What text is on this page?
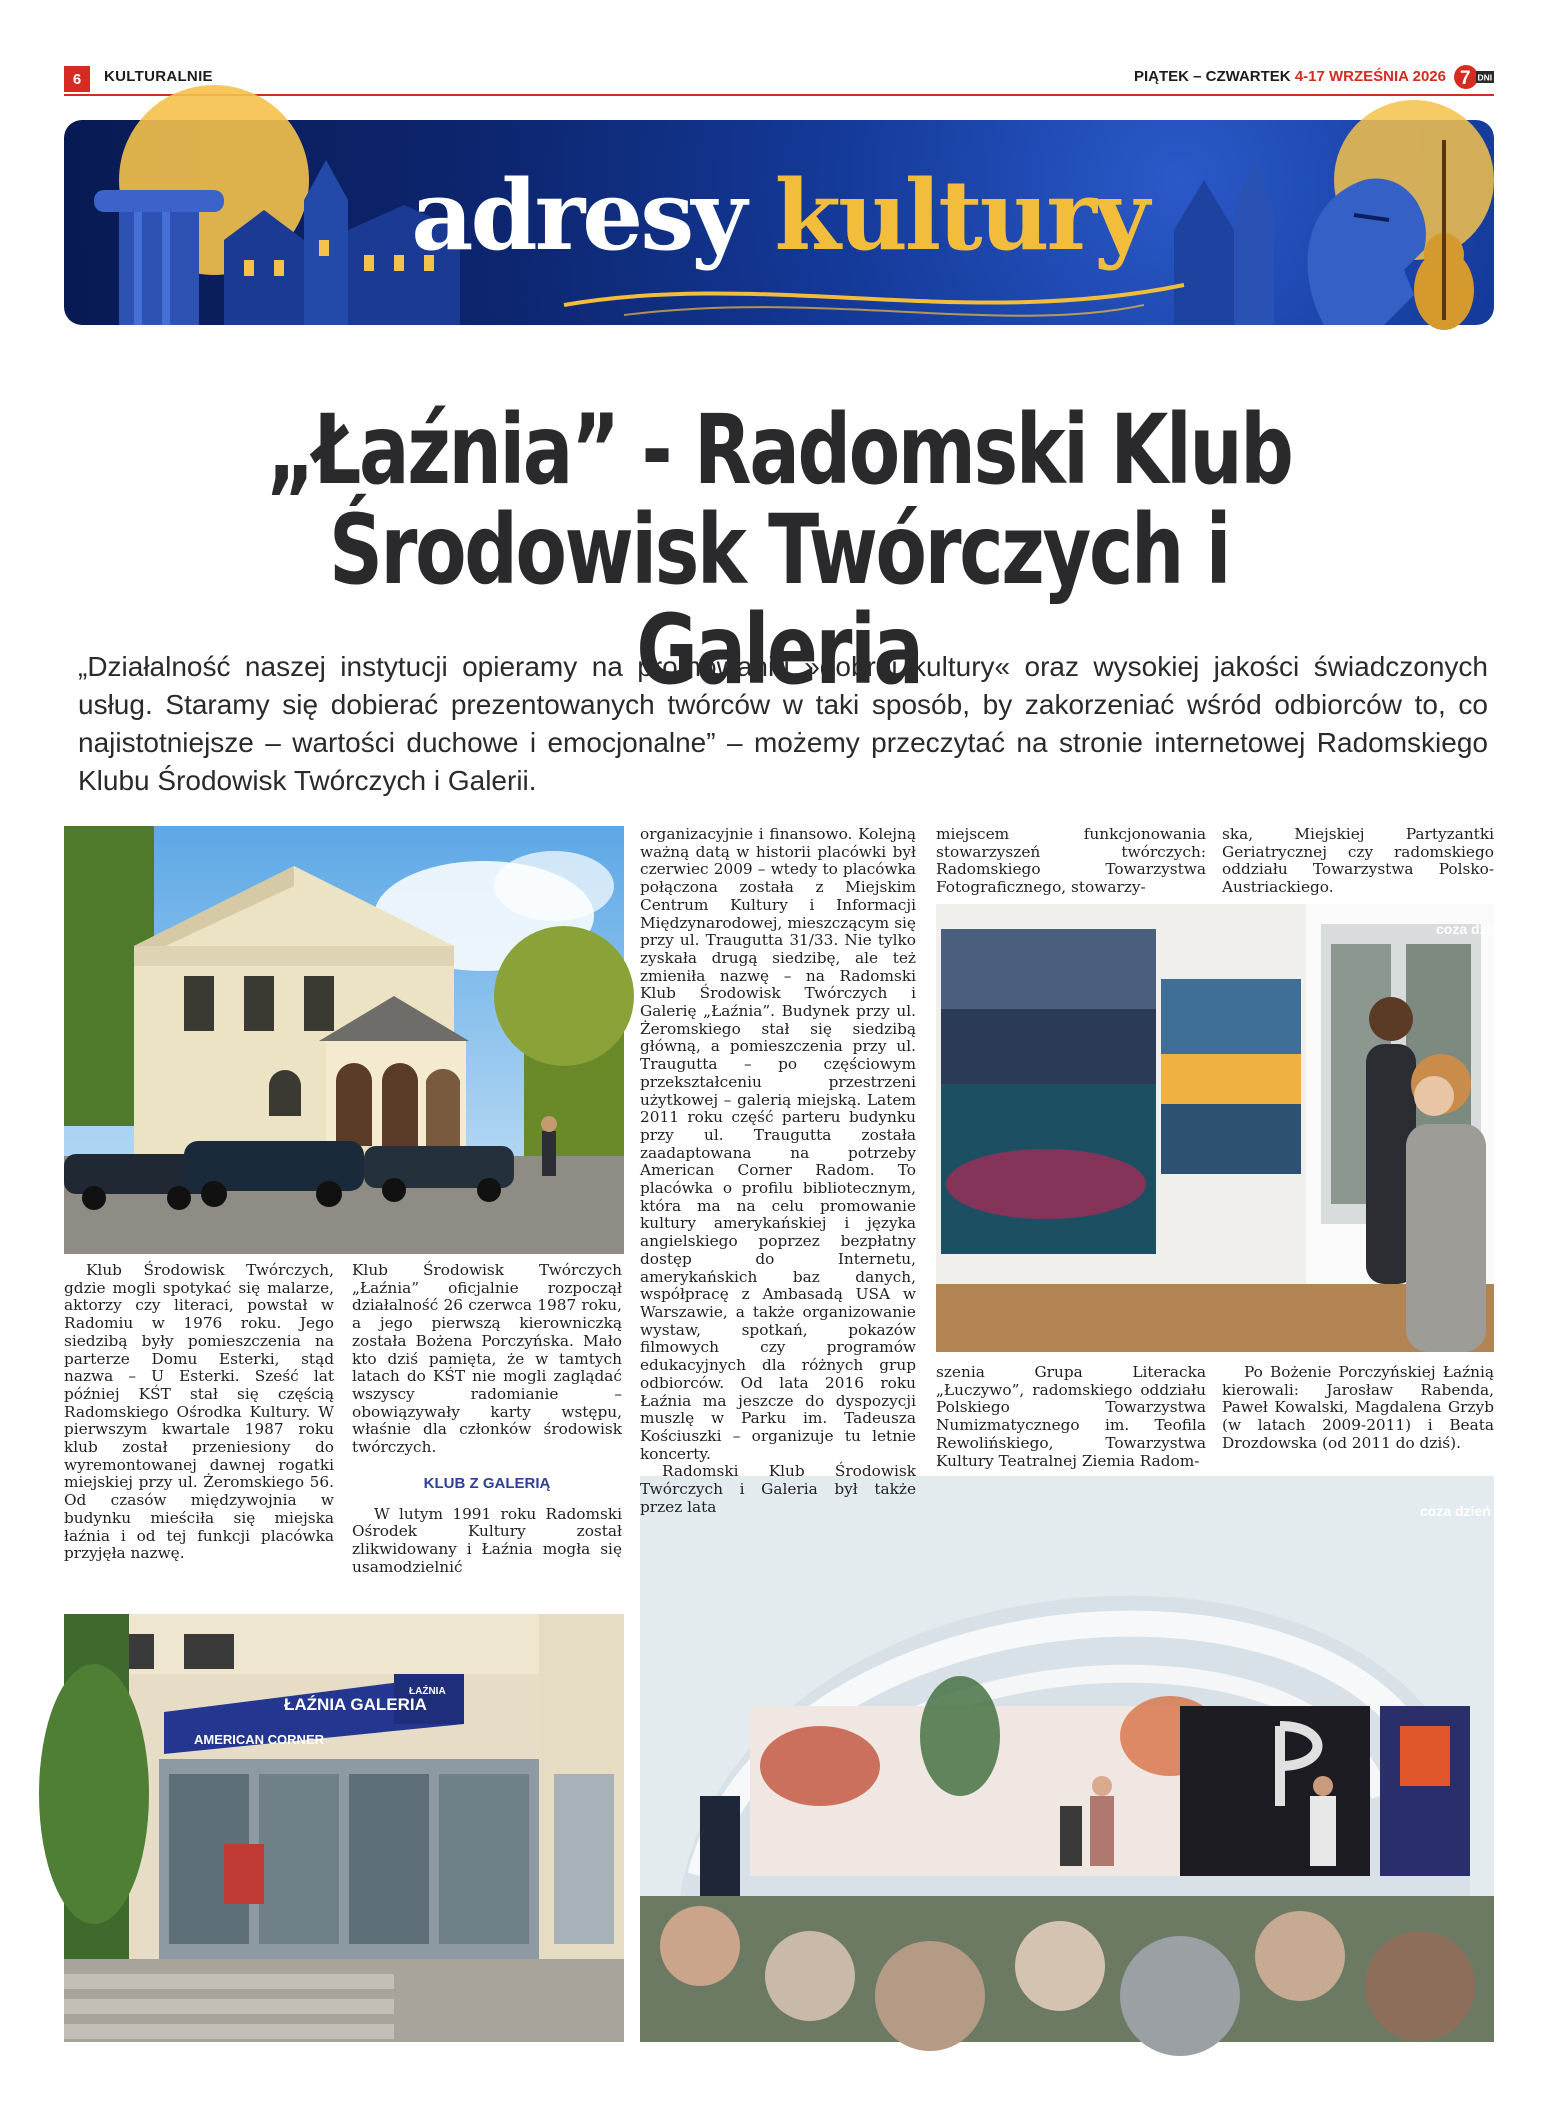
6	KULTURALNIE	PIĄTEK – CZWARTEK 4-17 WRZEŚNIA 2026 7 DNI
adresy kultury
„Łaźnia” - Radomski Klub
Środowisk Twórczych i Galeria
„Działalność naszej instytucji opieramy na promowaniu »dobrej kultury« oraz wysokiej jakości świadczonych usług. Staramy się dobierać prezentowanych twórców w taki sposób, by zakorzeniać wśród odbiorców to, co najistotniejsze – wartości duchowe i emocjonalne” – możemy przeczytać na stronie internetowej Radomskiego Klubu Środowisk Twórczych i Galerii.
coza dzień
ŁAŹNIA GALERIA
AMERICAN CORNER
ŁAŹNIA
coza dzień

Klub Środowisk Twórczych, gdzie mogli spotykać się malarze, aktorzy czy literaci, powstał w Radomiu w 1976 roku. Jego siedzibą były pomieszczenia na parterze Domu Esterki, stąd nazwa – U Esterki. Sześć lat później KŚT stał się częścią Radomskiego Ośrodka Kultury. W pierwszym kwartale 1987 roku klub został przeniesiony do wyremontowanej dawnej rogatki miejskiej przy ul. Żeromskiego 56. Od czasów międzywojnia w budynku mieściła się miejska łaźnia i od tej funkcji placówka przyjęła nazwę.

Klub Środowisk Twórczych „Łaźnia” oficjalnie rozpoczął działalność 26 czerwca 1987 roku, a jego pierwszą kierowniczką została Bożena Porczyńska. Mało kto dziś pamięta, że w tamtych latach do KŚT nie mogli zaglądać wszyscy radomianie – obowiązywały karty wstępu, właśnie dla członków środowisk twórczych.

KLUB Z GALERIĄ

W lutym 1991 roku Radomski Ośrodek Kultury został zlikwidowany i Łaźnia mogła się usamodzielnić

organizacyjnie i finansowo. Kolejną ważną datą w historii placówki był czerwiec 2009 – wtedy to placówka połączona została z Miejskim Centrum Kultury i Informacji Międzynarodowej, mieszczącym się przy ul. Traugutta 31/33. Nie tylko zyskała drugą siedzibę, ale też zmieniła nazwę – na Radomski Klub Środowisk Twórczych i Galerię „Łaźnia”. Budynek przy ul. Żeromskiego stał się siedzibą główną, a pomieszczenia przy ul. Traugutta – po częściowym przekształceniu przestrzeni użytkowej – galerią miejską. Latem 2011 roku część parteru budynku przy ul. Traugutta została zaadaptowana na potrzeby American Corner Radom. To placówka o profilu bibliotecznym, która ma na celu promowanie kultury amerykańskiej i języka angielskiego poprzez bezpłatny dostęp do Internetu, amerykańskich baz danych, współpracę z Ambasadą USA w Warszawie, a także organizowanie wystaw, spotkań, pokazów filmowych czy programów edukacyjnych dla różnych grup odbiorców. Od lata 2016 roku Łaźnia ma jeszcze do dyspozycji muszlę w Parku im. Tadeusza Kościuszki – organizuje tu letnie koncerty.

Radomski Klub Środowisk Twórczych i Galeria był także przez lata

miejscem funkcjonowania stowarzyszeń twórczych: Radomskiego Towarzystwa Fotograficznego, stowarzy-

ska, Miejskiej Partyzantki Geriatrycznej czy radomskiego oddziału Towarzystwa Polsko-Austriackiego.

szenia Grupa Literacka „Łuczywo”, radomskiego oddziału Polskiego Towarzystwa Numizmatycznego im. Teofila Rewolińskiego, Towarzystwa Kultury Teatralnej Ziemia Radom-

Po Bożenie Porczyńskiej Łaźnią kierowali: Jarosław Rabenda, Paweł Kowalski, Magdalena Grzyb (w latach 2009-2011) i Beata Drozdowska (od 2011 do dziś).
